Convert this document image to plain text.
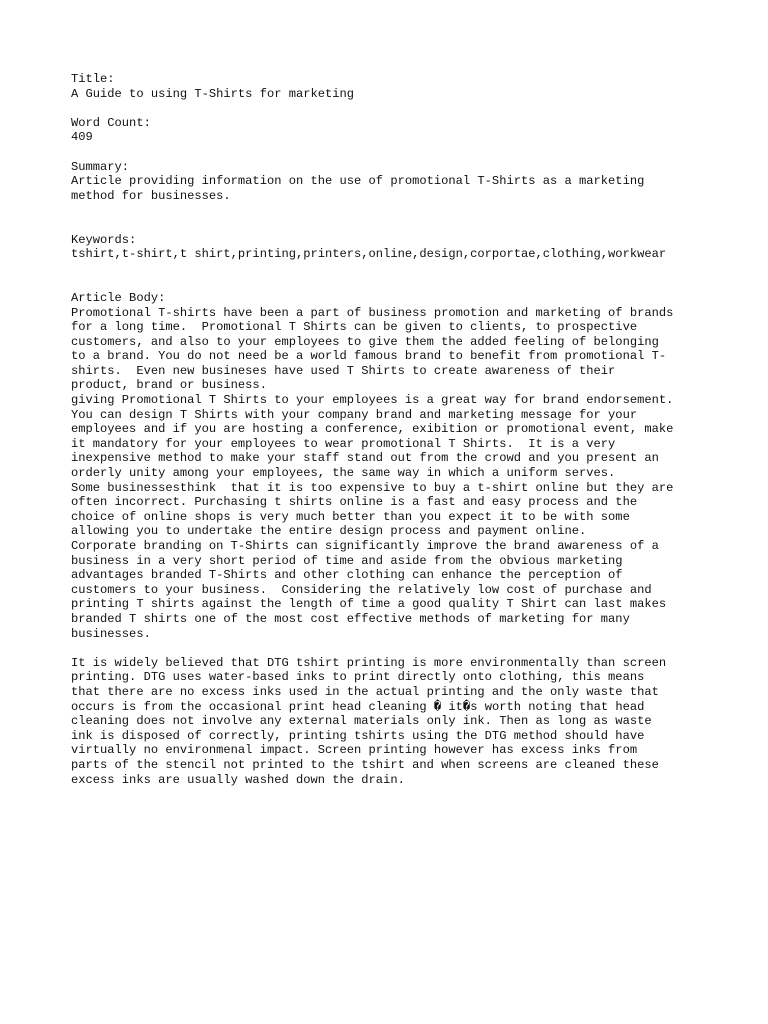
Title:
A Guide to using T-Shirts for marketing
Word Count:
409
Summary:
Article providing information on the use of promotional T-Shirts as a marketing
method for businesses.
Keywords:
tshirt,t-shirt,t shirt,printing,printers,online,design,corportae,clothing,workwear
Article Body:
Promotional T-shirts have been a part of business promotion and marketing of brands
for a long time.  Promotional T Shirts can be given to clients, to prospective
customers, and also to your employees to give them the added feeling of belonging
to a brand. You do not need be a world famous brand to benefit from promotional T-
shirts.  Even new busineses have used T Shirts to create awareness of their
product, brand or business.
giving Promotional T Shirts to your employees is a great way for brand endorsement.
You can design T Shirts with your company brand and marketing message for your
employees and if you are hosting a conference, exibition or promotional event, make
it mandatory for your employees to wear promotional T Shirts.  It is a very
inexpensive method to make your staff stand out from the crowd and you present an
orderly unity among your employees, the same way in which a uniform serves.
Some businessesthink  that it is too expensive to buy a t-shirt online but they are
often incorrect. Purchasing t shirts online is a fast and easy process and the
choice of online shops is very much better than you expect it to be with some
allowing you to undertake the entire design process and payment online.
Corporate branding on T-Shirts can significantly improve the brand awareness of a
business in a very short period of time and aside from the obvious marketing
advantages branded T-Shirts and other clothing can enhance the perception of
customers to your business.  Considering the relatively low cost of purchase and
printing T shirts against the length of time a good quality T Shirt can last makes
branded T shirts one of the most cost effective methods of marketing for many
businesses.
It is widely believed that DTG tshirt printing is more environmentally than screen
printing. DTG uses water-based inks to print directly onto clothing, this means
that there are no excess inks used in the actual printing and the only waste that
occurs is from the occasional print head cleaning � it�s worth noting that head
cleaning does not involve any external materials only ink. Then as long as waste
ink is disposed of correctly, printing tshirts using the DTG method should have
virtually no environmenal impact. Screen printing however has excess inks from
parts of the stencil not printed to the tshirt and when screens are cleaned these
excess inks are usually washed down the drain.
